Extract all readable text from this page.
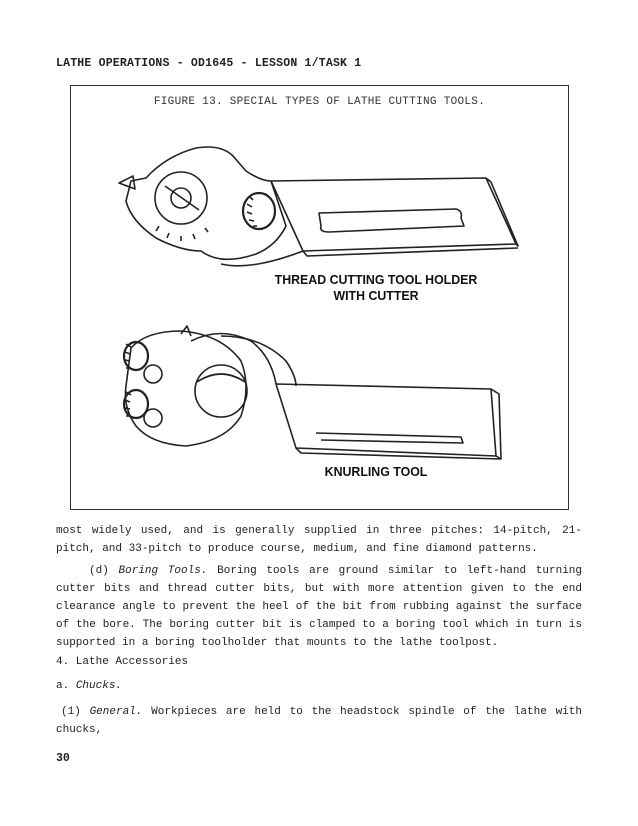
LATHE OPERATIONS - OD1645 - LESSON 1/TASK 1
FIGURE 13. SPECIAL TYPES OF LATHE CUTTING TOOLS.
THREAD CUTTING TOOL HOLDER
WITH CUTTER
KNURLING TOOL
most widely used, and is generally supplied in three pitches: 14-pitch, 21-pitch, and 33-pitch to produce course, medium, and fine diamond patterns.
(d) Boring Tools. Boring tools are ground similar to left-hand turning cutter bits and thread cutter bits, but with more attention given to the end clearance angle to prevent the heel of the bit from rubbing against the surface of the bore. The boring cutter bit is clamped to a boring tool which in turn is supported in a boring toolholder that mounts to the lathe toolpost.
4. Lathe Accessories
a. Chucks.
(1) General. Workpieces are held to the headstock spindle of the lathe with chucks,
30
